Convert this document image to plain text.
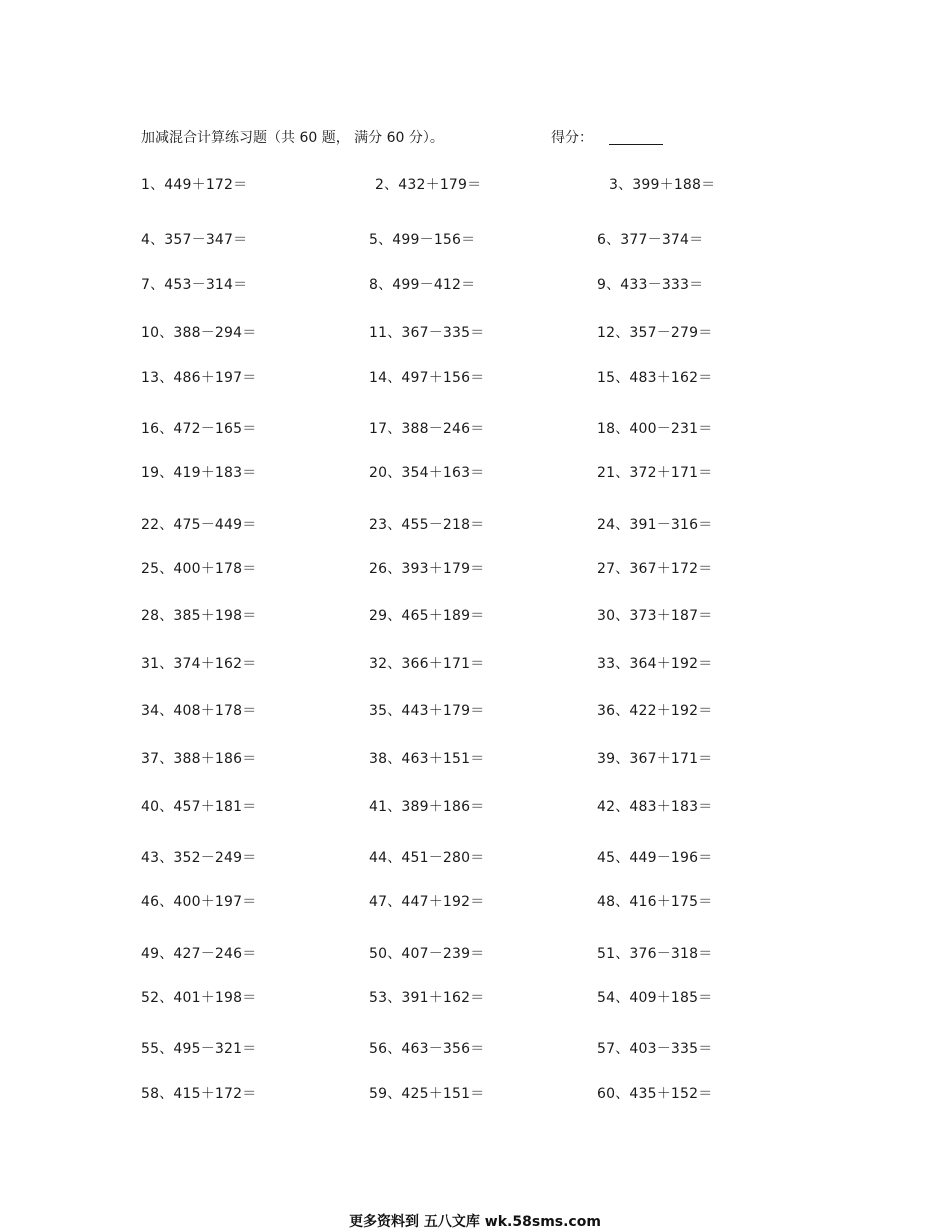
加减混合计算练习题（共 60 题， 满分 60 分）。	得分：
1、449＋172＝	2、432＋179＝	3、399＋188＝
4、357－347＝	5、499－156＝	6、377－374＝
7、453－314＝	8、499－412＝	9、433－333＝
10、388－294＝	11、367－335＝	12、357－279＝
13、486＋197＝	14、497＋156＝	15、483＋162＝
16、472－165＝	17、388－246＝	18、400－231＝
19、419＋183＝	20、354＋163＝	21、372＋171＝
22、475－449＝	23、455－218＝	24、391－316＝
25、400＋178＝	26、393＋179＝	27、367＋172＝
28、385＋198＝	29、465＋189＝	30、373＋187＝
31、374＋162＝	32、366＋171＝	33、364＋192＝
34、408＋178＝	35、443＋179＝	36、422＋192＝
37、388＋186＝	38、463＋151＝	39、367＋171＝
40、457＋181＝	41、389＋186＝	42、483＋183＝
43、352－249＝	44、451－280＝	45、449－196＝
46、400＋197＝	47、447＋192＝	48、416＋175＝
49、427－246＝	50、407－239＝	51、376－318＝
52、401＋198＝	53、391＋162＝	54、409＋185＝
55、495－321＝	56、463－356＝	57、403－335＝
58、415＋172＝	59、425＋151＝	60、435＋152＝
更多资料到 五八文库 wk.58sms.com
